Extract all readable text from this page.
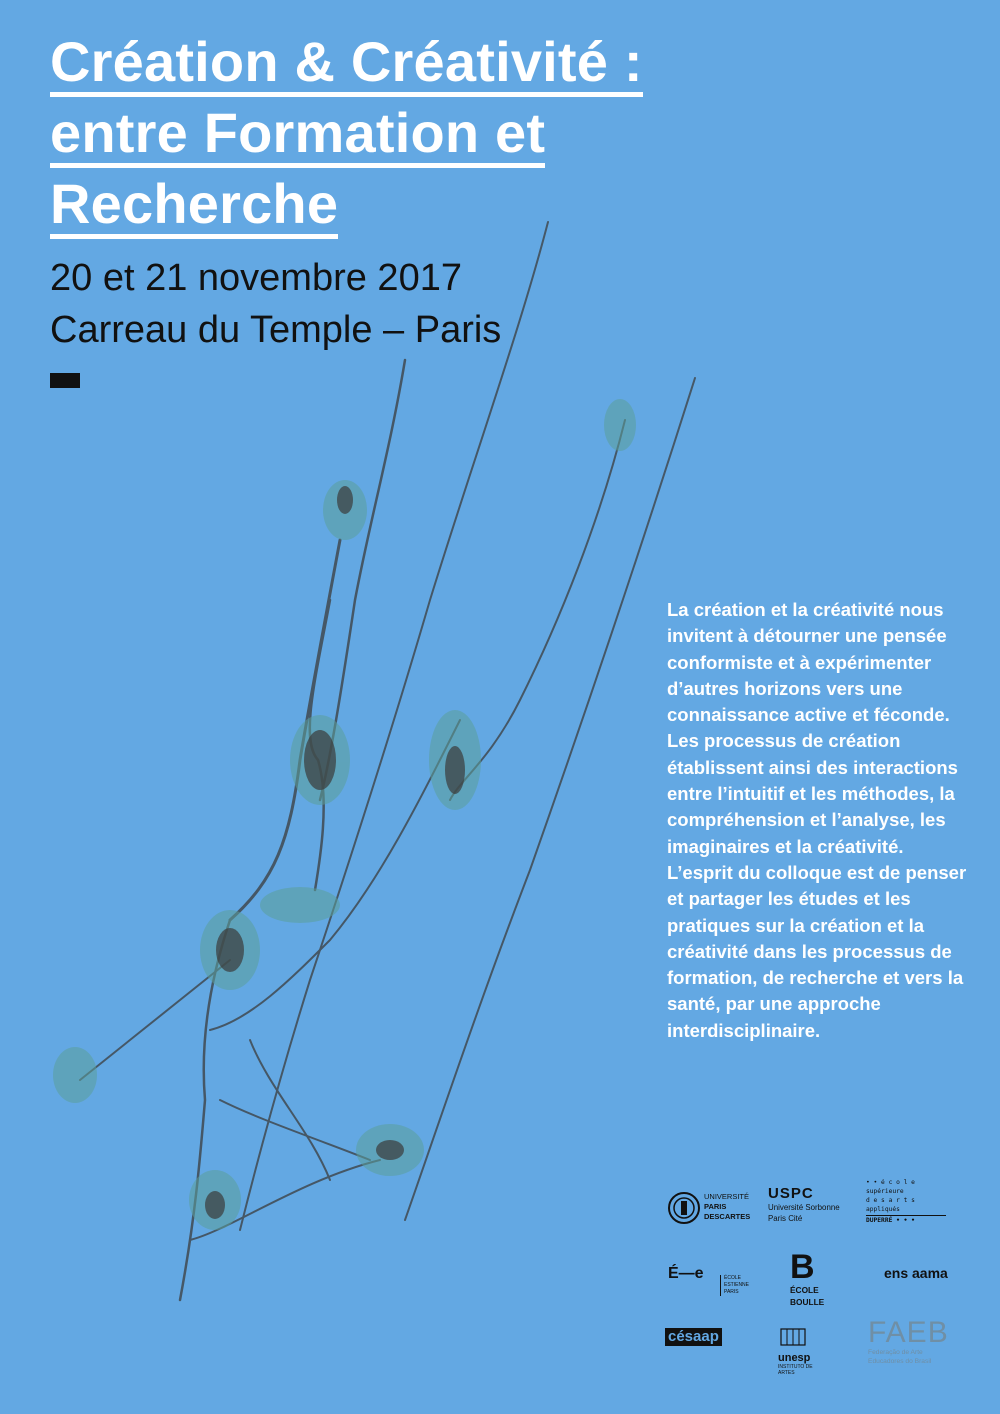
Création & Créativité :
entre Formation et
Recherche
20 et 21 novembre 2017
Carreau du Temple – Paris

La création et la créativité nous invitent à détourner une pensée conformiste et à expérimenter d’autres horizons vers une connaissance active et féconde. Les processus de création établissent ainsi des interactions entre l’intuitif et les méthodes, la compréhension et l’analyse, les imaginaires et la créativité. L’esprit du colloque est de penser et partager les études et les pratiques sur la création et la créativité dans les processus de formation, de recherche et vers la santé, par une approche interdisciplinaire.

UNIVERSITÉ
PARIS
DESCARTES
USPC
Université Sorbonne
Paris Cité
• • é c o l e
supérieure
d e s a r t s
appliqués
DUPERRÉ • • •
É—e	ÉCOLE
ESTIENNE
PARIS
B
ÉCOLE
BOULLE
ens aama
césaap
unesp
INSTITUTO DE ARTES
FAEB
Federação de Arte
Educadores do Brasil
